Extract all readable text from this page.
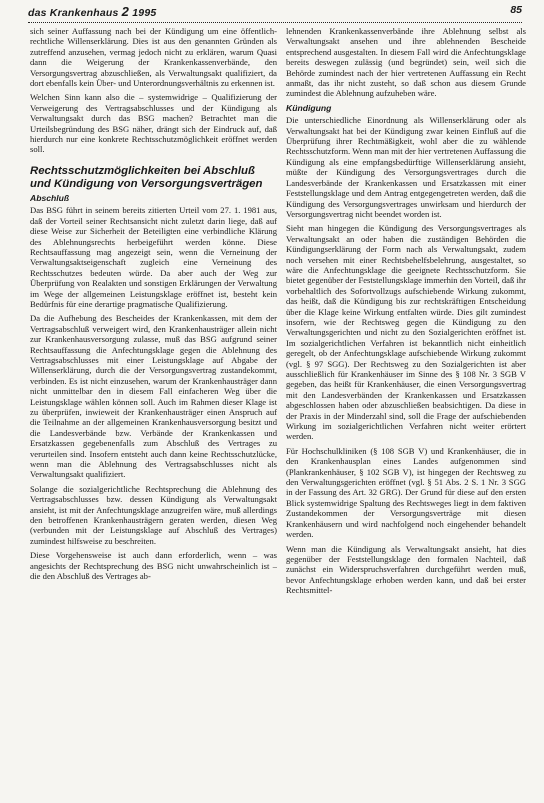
das Krankenhaus 2 1995	85

sich seiner Auffassung nach bei der Kündigung um eine öffentlich-rechtliche Willenserklärung. Dies ist aus den genannten Gründen als zutreffend anzusehen, vermag jedoch nicht zu erklären, warum Quasi dann die Weigerung der Krankenkassenverbände, den Versorgungsvertrag abzuschließen, als Verwaltungsakt qualifiziert, da dort ebenfalls kein Über- und Unterordnungsverhältnis zu erkennen ist.

Welchen Sinn kann also die – systemwidrige – Qualifizierung der Verweigerung des Vertragsabschlusses und der Kündigung als Verwaltungsakt durch das BSG machen? Betrachtet man die Urteilsbegründung des BSG näher, drängt sich der Eindruck auf, daß hierdurch nur eine konkrete Rechtsschutzmöglichkeit eröffnet werden soll.

Rechtsschutzmöglichkeiten bei Abschluß und Kündigung von Versorgungsverträgen
Abschluß

Das BSG führt in seinem bereits zitierten Urteil vom 27. 1. 1981 aus, daß der Vorteil seiner Rechtsansicht nicht zuletzt darin liege, daß auf diese Weise zur Sicherheit der Beteiligten eine verbindliche Klärung des Ablehnungsrechts herbeigeführt werden könne. Diese Rechtsauffassung mag angezeigt sein, wenn die Verneinung der Verwaltungsaktseigenschaft zugleich eine Verneinung des Rechtsschutzes bedeuten würde. Da aber auch der Weg zur Überprüfung von Realakten und sonstigen Erklärungen der Verwaltung im Wege der allgemeinen Leistungsklage eröffnet ist, besteht kein Bedürfnis für eine derartige pragmatische Qualifizierung.

Da die Aufhebung des Bescheides der Krankenkassen, mit dem der Vertragsabschluß verweigert wird, den Krankenhausträger allein nicht zur Krankenhausversorgung zulasse, muß das BSG aufgrund seiner Rechtsauffassung die Anfechtungsklage gegen die Ablehnung des Vertragsabschlusses mit einer Leistungsklage auf Abgabe der Willenserklärung, durch die der Versorgungsvertrag zustandekommt, verbinden. Es ist nicht einzusehen, warum der Krankenhausträger dann nicht unmittelbar den in diesem Fall einfacheren Weg über die Leistungsklage wählen können soll. Auch im Rahmen dieser Klage ist zu überprüfen, inwieweit der Krankenhausträger einen Anspruch auf die Teilnahme an der allgemeinen Krankenhausversorgung besitzt und die Landesverbände bzw. Verbände der Krankenkassen und Ersatzkassen gegebenenfalls zum Abschluß des Vertrages zu verurteilen sind. Insofern entsteht auch dann keine Rechtsschutzlücke, wenn man die Ablehnung des Vertragsabschlusses nicht als Verwaltungsakt qualifiziert.

Solange die sozialgerichtliche Rechtsprechung die Ablehnung des Vertragsabschlusses bzw. dessen Kündigung als Verwaltungsakt ansieht, ist mit der Anfechtungsklage anzugreifen wäre, muß allerdings den betroffenen Krankenhausträgern geraten werden, diesen Weg (verbunden mit der Leistungsklage auf Abschluß des Vertrages) zumindest hilfsweise zu beschreiten.

Diese Vorgehensweise ist auch dann erforderlich, wenn – was angesichts der Rechtsprechung des BSG nicht unwahrscheinlich ist – die den Abschluß des Vertrages ab-

lehnenden Krankenkassenverbände ihre Ablehnung selbst als Verwaltungsakt ansehen und ihre ablehnenden Bescheide entsprechend ausgestalten. In diesem Fall wird die Anfechtungsklage bereits deswegen zulässig (und begründet) sein, weil sich die Behörde zumindest nach der hier vertretenen Auffassung ein Recht anmaßt, das ihr nicht zusteht, so daß schon aus diesem Grunde zumindest die Ablehnung aufzuheben wäre.

Kündigung

Die unterschiedliche Einordnung als Willenserklärung oder als Verwaltungsakt hat bei der Kündigung zwar keinen Einfluß auf die Überprüfung ihrer Rechtmäßigkeit, wohl aber die zu wählende Rechtsschutzform. Wenn man mit der hier vertretenen Auffassung die Kündigung als eine empfangsbedürftige Willenserklärung ansieht, müßte der Kündigung des Versorgungsvertrages durch die Landesverbände der Krankenkassen und Ersatzkassen mit einer Feststellungsklage und dem Antrag entgegengetreten werden, daß die Kündigung des Versorgungsvertrages unwirksam und hierdurch der Versorgungsvertrag nicht beendet worden ist.

Sieht man hingegen die Kündigung des Versorgungsvertrages als Verwaltungsakt an oder haben die zuständigen Behörden die Kündigungserklärung der Form nach als Verwaltungsakt, zudem noch versehen mit einer Rechtsbehelfsbelehrung, ausgestaltet, so wäre die Anfechtungsklage die geeignete Rechtsschutzform. Sie bietet gegenüber der Feststellungsklage immerhin den Vorteil, daß ihr vorbehaltlich des Sofortvollzugs aufschiebende Wirkung zukommt, das heißt, daß die Kündigung bis zur rechtskräftigen Entscheidung über die Klage keine Wirkung entfalten würde. Dies gilt zumindest insofern, wie der Rechtsweg gegen die Kündigung zu den Verwaltungsgerichten und nicht zu den Sozialgerichten eröffnet ist. Im sozialgerichtlichen Verfahren ist bekanntlich nicht einheitlich geregelt, ob der Anfechtungsklage aufschiebende Wirkung zukommt (vgl. § 97 SGG). Der Rechtsweg zu den Sozialgerichten ist aber ausschließlich für Krankenhäuser im Sinne des § 108 Nr. 3 SGB V gegeben, das heißt für Krankenhäuser, die einen Versorgungsvertrag mit den Landesverbänden der Krankenkassen und Ersatzkassen abgeschlossen haben oder abzuschließen beabsichtigen. Da diese in der Praxis in der Minderzahl sind, soll die Frage der aufschiebenden Wirkung im sozialgerichtlichen Verfahren nicht weiter erörtert werden.

Für Hochschulkliniken (§ 108 SGB V) und Krankenhäuser, die in den Krankenhausplan eines Landes aufgenommen sind (Plankrankenhäuser, § 102 SGB V), ist hingegen der Rechtsweg zu den Verwaltungsgerichten eröffnet (vgl. § 51 Abs. 2 S. 1 Nr. 3 SGG in der Fassung des Art. 32 GRG). Der Grund für diese auf den ersten Blick systemwidrige Spaltung des Rechtsweges liegt in dem faktiven Zustandekommen der Versorgungsverträge mit diesen Krankenhäusern und wird nachfolgend noch eingehender behandelt werden.

Wenn man die Kündigung als Verwaltungsakt ansieht, hat dies gegenüber der Feststellungsklage den formalen Nachteil, daß zunächst ein Widerspruchsverfahren durchgeführt werden muß, bevor Anfechtungsklage erhoben werden kann, und daß bei erster Rechtsmittel-
